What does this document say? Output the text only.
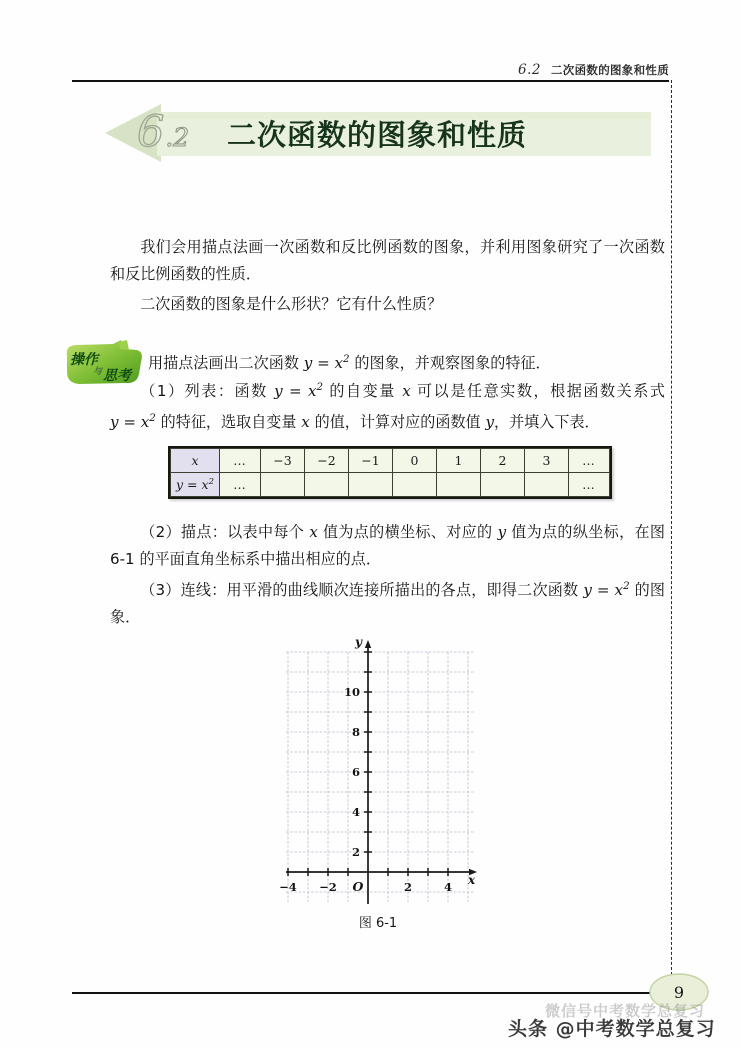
6.2 二次函数的图象和性质
6 .2 二次函数的图象和性质
我们会用描点法画一次函数和反比例函数的图象，并利用图象研究了一次函数和反比例函数的性质．
二次函数的图象是什么形状？它有什么性质？
操作
与 思考
用描点法画出二次函数 $y = x^2$ 的图象，并观察图象的特征．
（1）列表：函数 $y = x^2$ 的自变量 x 可以是任意实数，根据函数关系式 $y = x^2$ 的特征，选取自变量 x 的值，计算对应的函数值 y，并填入下表．
x	…	−3	−2	−1	0	1	2	3	…
$y = x^2$	…								…
（2）描点：以表中每个 x 值为点的横坐标、对应的 y 值为点的纵坐标，在图 6-1 的平面直角坐标系中描出相应的点．
（3）连线：用平滑的曲线顺次连接所描出的各点，即得二次函数 $y = x^2$ 的图象．
2
4
6
8
10
−4 −2	2	4
O
y
x
图 6-1
9
微信号中考数学总复习
头条 @中考数学总复习
